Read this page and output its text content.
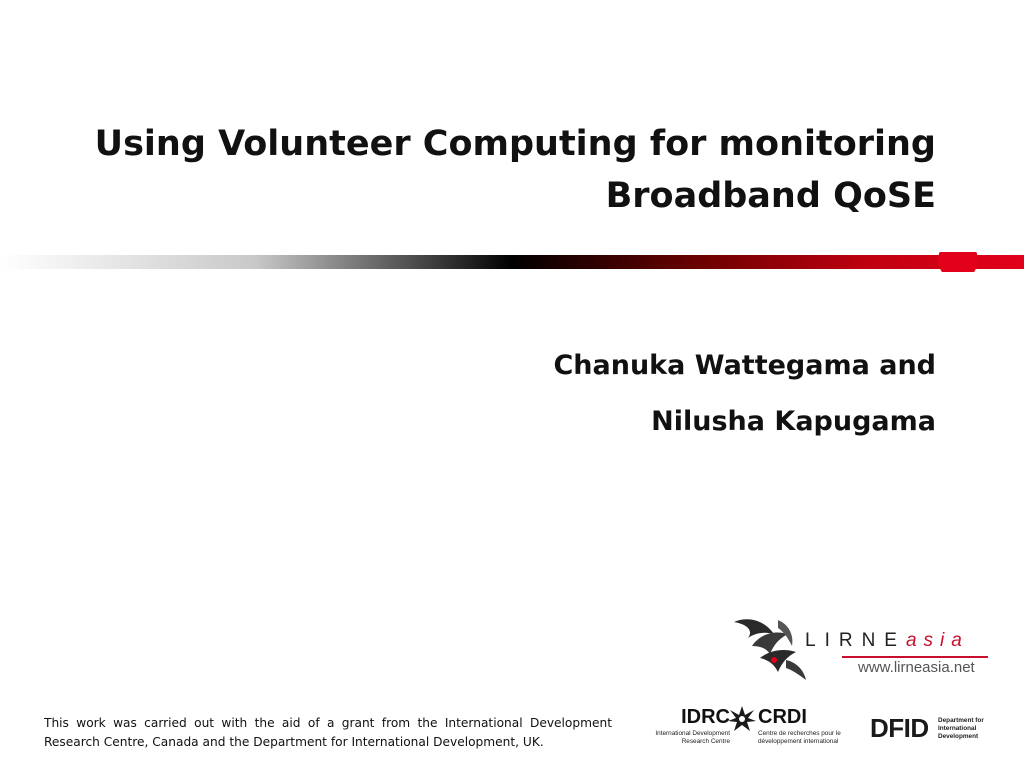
Using Volunteer Computing for monitoring
Broadband QoSE
Chanuka Wattegama and
Nilusha Kapugama
LIRNEasia
www.lirneasia.net
This work was carried out with the aid of a grant from the International Development Research Centre, Canada and the Department for International Development, UK.
IDRC
International Development
Research Centre
CRDI
Centre de recherches pour le
développement international	DFID Department for
International
Development
